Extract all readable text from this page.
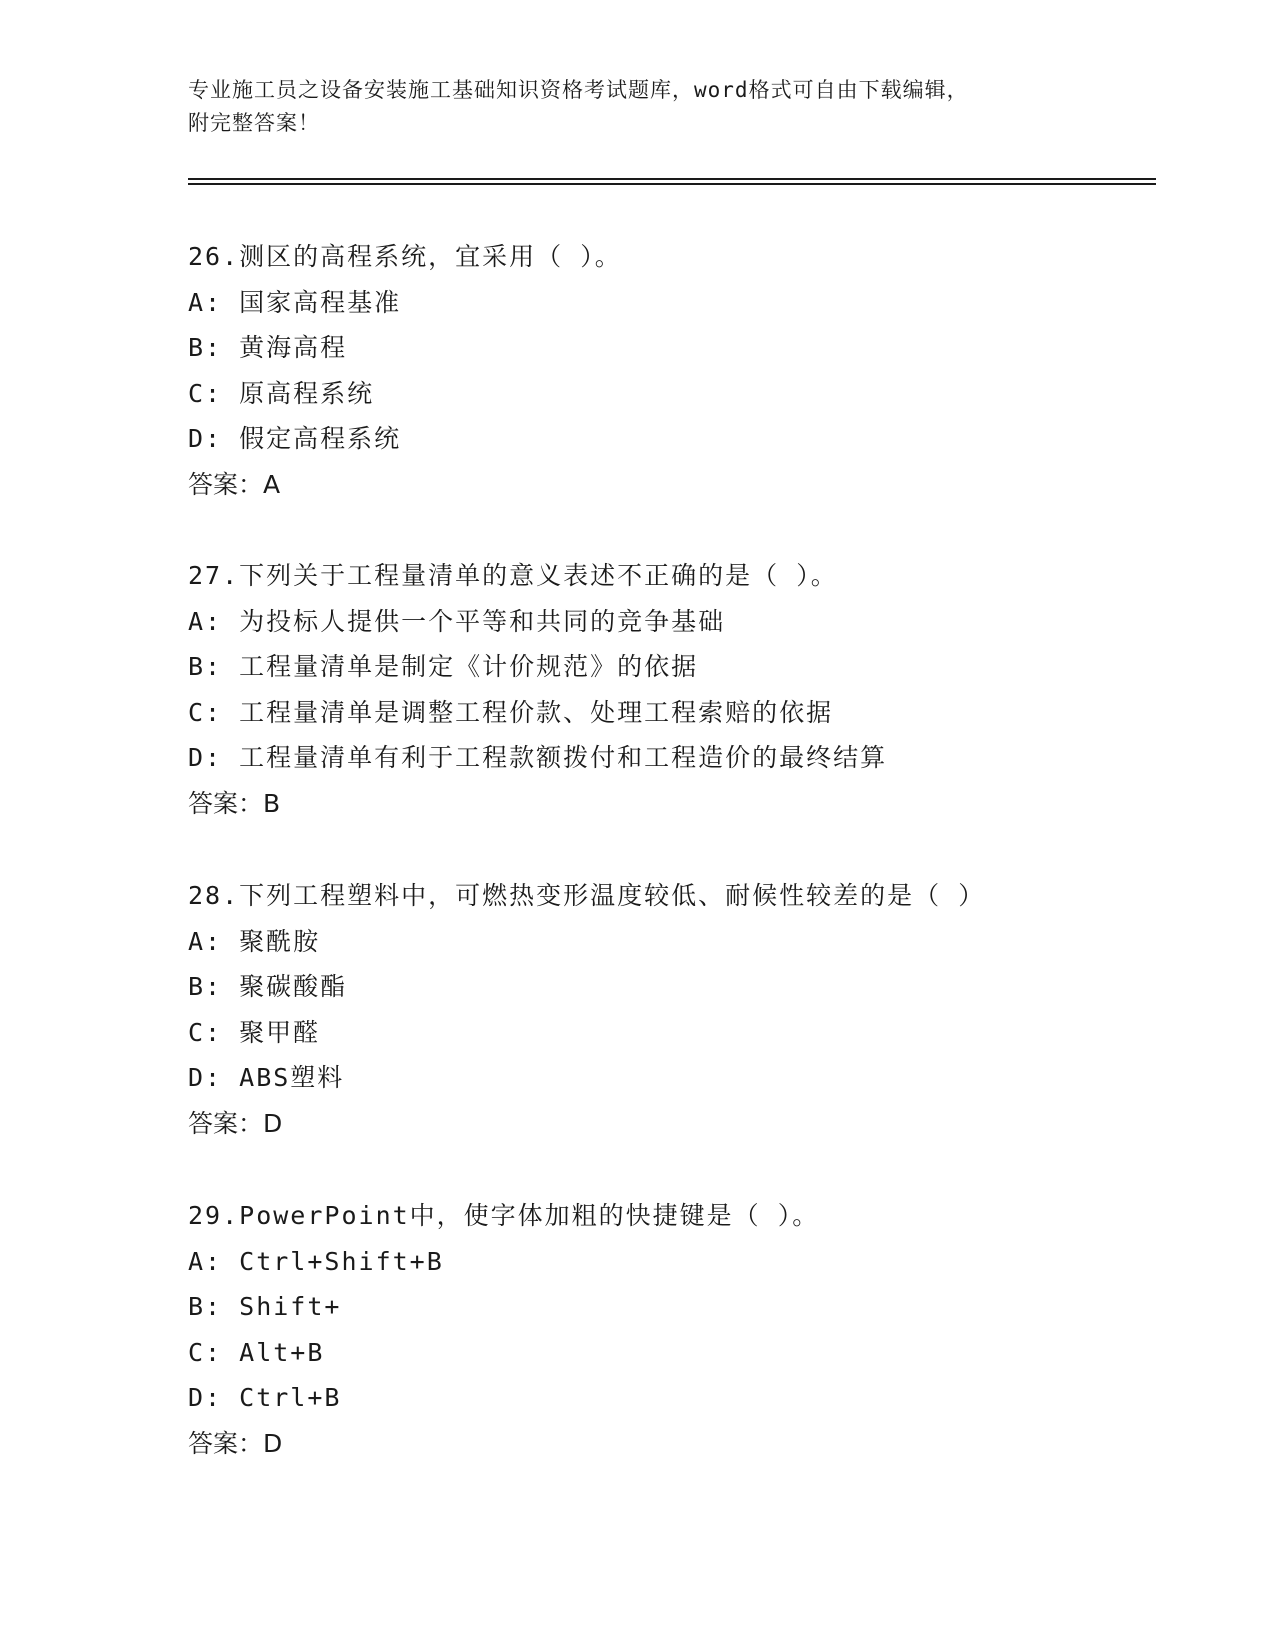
专业施工员之设备安装施工基础知识资格考试题库，word格式可自由下载编辑，
附完整答案！
26.测区的高程系统，宜采用（ ）。
A: 国家高程基准
B: 黄海高程
C: 原高程系统
D: 假定高程系统
答案：A
27.下列关于工程量清单的意义表述不正确的是（ ）。
A: 为投标人提供一个平等和共同的竞争基础
B: 工程量清单是制定《计价规范》的依据
C: 工程量清单是调整工程价款、处理工程索赔的依据
D: 工程量清单有利于工程款额拨付和工程造价的最终结算
答案：B
28.下列工程塑料中，可燃热变形温度较低、耐候性较差的是（ ）
A: 聚酰胺
B: 聚碳酸酯
C: 聚甲醛
D: ABS塑料
答案：D
29.PowerPoint中，使字体加粗的快捷键是（ ）。
A: Ctrl+Shift+B
B: Shift+
C: Alt+B
D: Ctrl+B
答案：D
